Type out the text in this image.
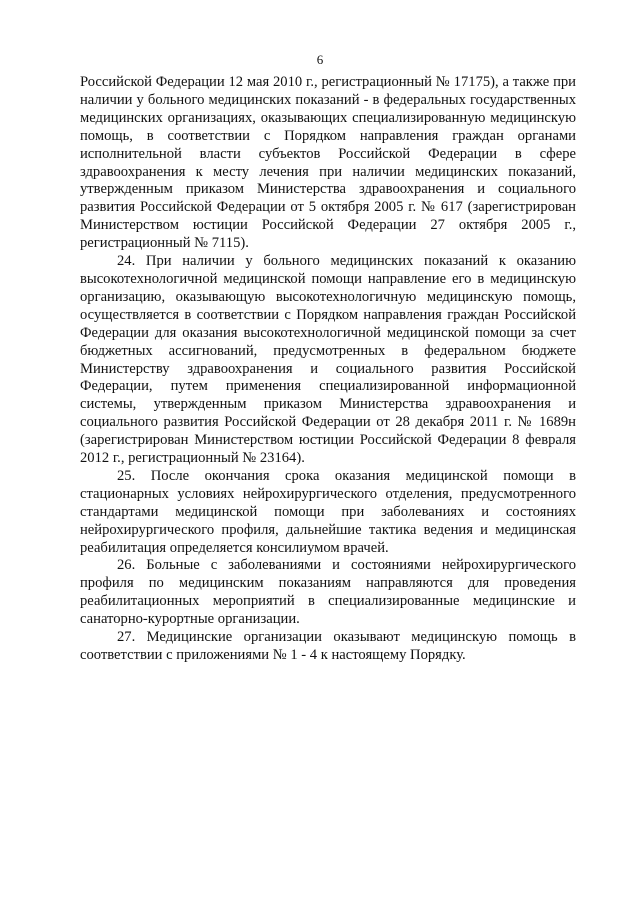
6

Российской Федерации 12 мая 2010 г., регистрационный № 17175), а также при наличии у больного медицинских показаний - в федеральных государственных медицинских организациях, оказывающих специализированную медицинскую помощь, в соответствии с Порядком направления граждан органами исполнительной власти субъектов Российской Федерации в сфере здравоохранения к месту лечения при наличии медицинских показаний, утвержденным приказом Министерства здравоохранения и социального развития Российской Федерации от 5 октября 2005 г. № 617 (зарегистрирован Министерством юстиции Российской Федерации 27 октября 2005 г., регистрационный № 7115).

24. При наличии у больного медицинских показаний к оказанию высокотехнологичной медицинской помощи направление его в медицинскую организацию, оказывающую высокотехнологичную медицинскую помощь, осуществляется в соответствии с Порядком направления граждан Российской Федерации для оказания высокотехнологичной медицинской помощи за счет бюджетных ассигнований, предусмотренных в федеральном бюджете Министерству здравоохранения и социального развития Российской Федерации, путем применения специализированной информационной системы, утвержденным приказом Министерства здравоохранения и социального развития Российской Федерации от 28 декабря 2011 г. № 1689н (зарегистрирован Министерством юстиции Российской Федерации 8 февраля 2012 г., регистрационный № 23164).

25. После окончания срока оказания медицинской помощи в стационарных условиях нейрохирургического отделения, предусмотренного стандартами медицинской помощи при заболеваниях и состояниях нейрохирургического профиля, дальнейшие тактика ведения и медицинская реабилитация определяется консилиумом врачей.

26. Больные с заболеваниями и состояниями нейрохирургического профиля по медицинским показаниям направляются для проведения реабилитационных мероприятий в специализированные медицинские и санаторно-курортные организации.

27. Медицинские организации оказывают медицинскую помощь в соответствии с приложениями № 1 - 4 к настоящему Порядку.
